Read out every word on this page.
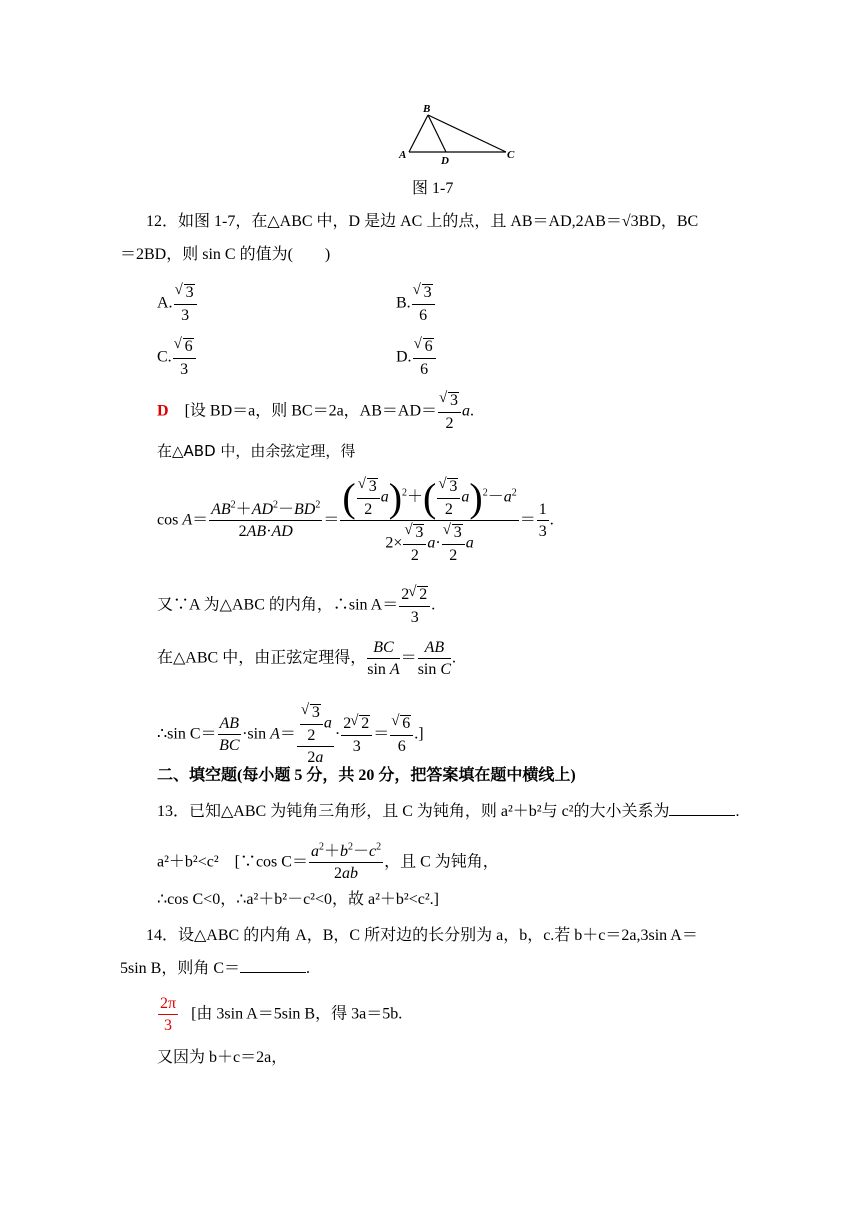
B
A	D	C
图 1-7
12．如图 1-7，在△ABC 中，D 是边 AC 上的点，且 AB＝AD,2AB＝√3BD，BC
＝2BD，则 sin C 的值为(　　)
A.
√ $\frac{3}{3}$	B.
√ $\frac{3}{6}$
C.
√ $\frac{6}{3}$	D.
√ $\frac{6}{6}$
D [设 BD＝a，则 BC＝2a，AB＝AD＝
√ $\frac{3}{2} a$.
在△ABD 中，由余弦定理，得
$\cos A= \frac{AB^2+AD^2-BD^2}{2AB\cdot AD}$ ＝ (
√ $\frac{3}{2} a)^2+$(
√ $\frac{3}{2} a)^2-a^2$
2×
√ $\frac{3}{2} a\cdot$
√ $\frac{3}{2}$ $a = \frac{1}{3}$ .
又∵A 为△ABC 的内角，∴sin $A= \frac{2√ 2}{3}$ .
在△ABC 中，由正弦定理得， $\frac{BC}{\text{sin A}} = \frac{AB}{\text{sin C}}$ .
∴sin $C= \frac{AB}{BC} \cdot\sin$ A＝
√ $\frac{\frac{3}{2} a}{2a} \cdot \frac{2√ 2}{3}$ ＝
√ $\frac{6}{6}$ .]
二、填空题(每小题 5 分，共 20 分，把答案填在题中横线上)
13．已知△ABC 为钝角三角形，且 C 为钝角，则 a²＋b²与 c²的大小关系为	.
a²＋b²<c² [∵cos $C= \frac{a^2+b^2-c^2}{2ab}$ ，且 C 为钝角，
∴cos C<0，∴a²＋b²－c²<0，故 a²＋b²<c².]
14．设△ABC 的内角 A，B，C 所对边的长分别为 a，b，c.若 b＋c＝2a,3sin A＝
5sin B，则角 C＝	.
$\frac{2\pi}{3}$ [由 3sin A＝5sin B，得 3a＝5b.
又因为 b＋c＝2a，
